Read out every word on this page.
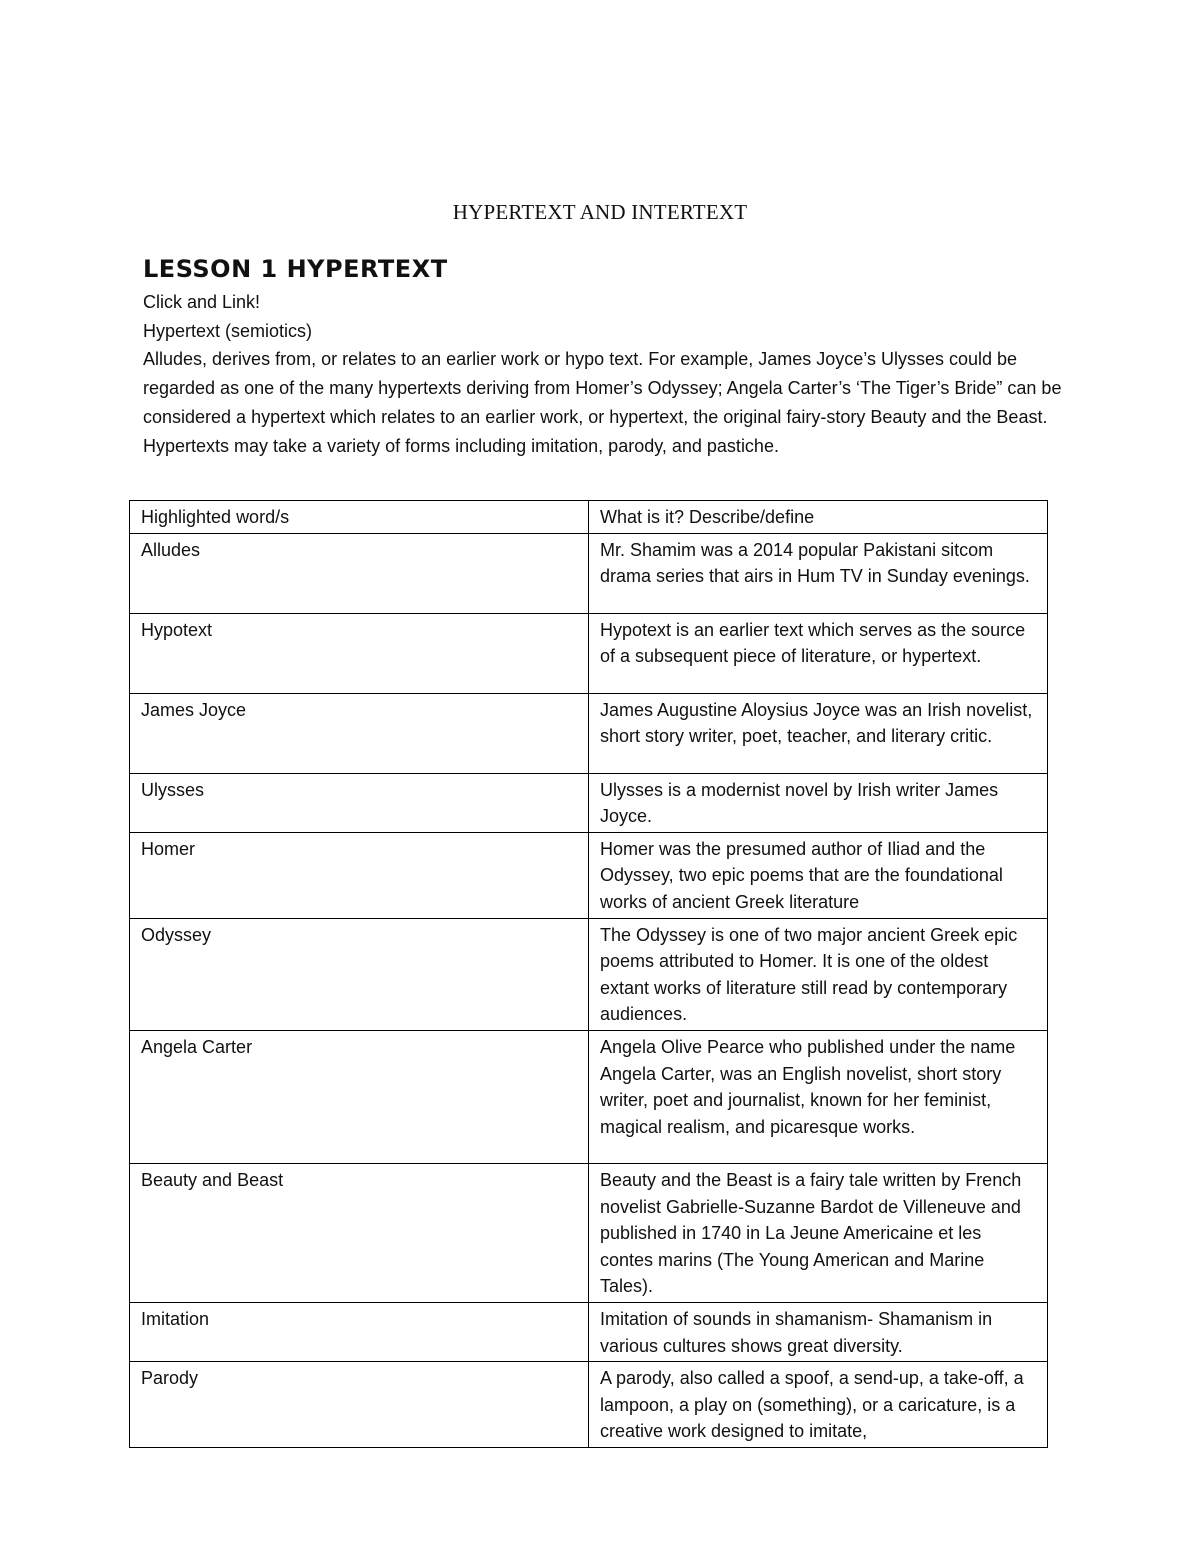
HYPERTEXT AND INTERTEXT
LESSON 1 HYPERTEXT

Click and Link!

Hypertext (semiotics)

Alludes, derives from, or relates to an earlier work or hypo text. For example, James Joyce’s Ulysses could be regarded as one of the many hypertexts deriving from Homer’s Odyssey; Angela Carter’s ‘The Tiger’s Bride” can be considered a hypertext which relates to an earlier work, or hypertext, the original fairy-story Beauty and the Beast. Hypertexts may take a variety of forms including imitation, parody, and pastiche.

Highlighted word/s	What is it? Describe/define
Alludes	Mr. Shamim was a 2014 popular Pakistani sitcom drama series that airs in Hum TV in Sunday evenings.
Hypotext	Hypotext is an earlier text which serves as the source of a subsequent piece of literature, or hypertext.
James Joyce	James Augustine Aloysius Joyce was an Irish novelist, short story writer, poet, teacher, and literary critic.
Ulysses	Ulysses is a modernist novel by Irish writer James Joyce.
Homer	Homer was the presumed author of Iliad and the Odyssey, two epic poems that are the foundational works of ancient Greek literature
Odyssey	The Odyssey is one of two major ancient Greek epic poems attributed to Homer. It is one of the oldest extant works of literature still read by contemporary audiences.
Angela Carter	Angela Olive Pearce who published under the name Angela Carter, was an English novelist, short story writer, poet and journalist, known for her feminist, magical realism, and picaresque works.
Beauty and Beast	Beauty and the Beast is a fairy tale written by French novelist Gabrielle-Suzanne Bardot de Villeneuve and published in 1740 in La Jeune Americaine et les contes marins (The Young American and Marine Tales).
Imitation	Imitation of sounds in shamanism- Shamanism in various cultures shows great diversity.
Parody	A parody, also called a spoof, a send-up, a take-off, a lampoon, a play on (something), or a caricature, is a creative work designed to imitate,
